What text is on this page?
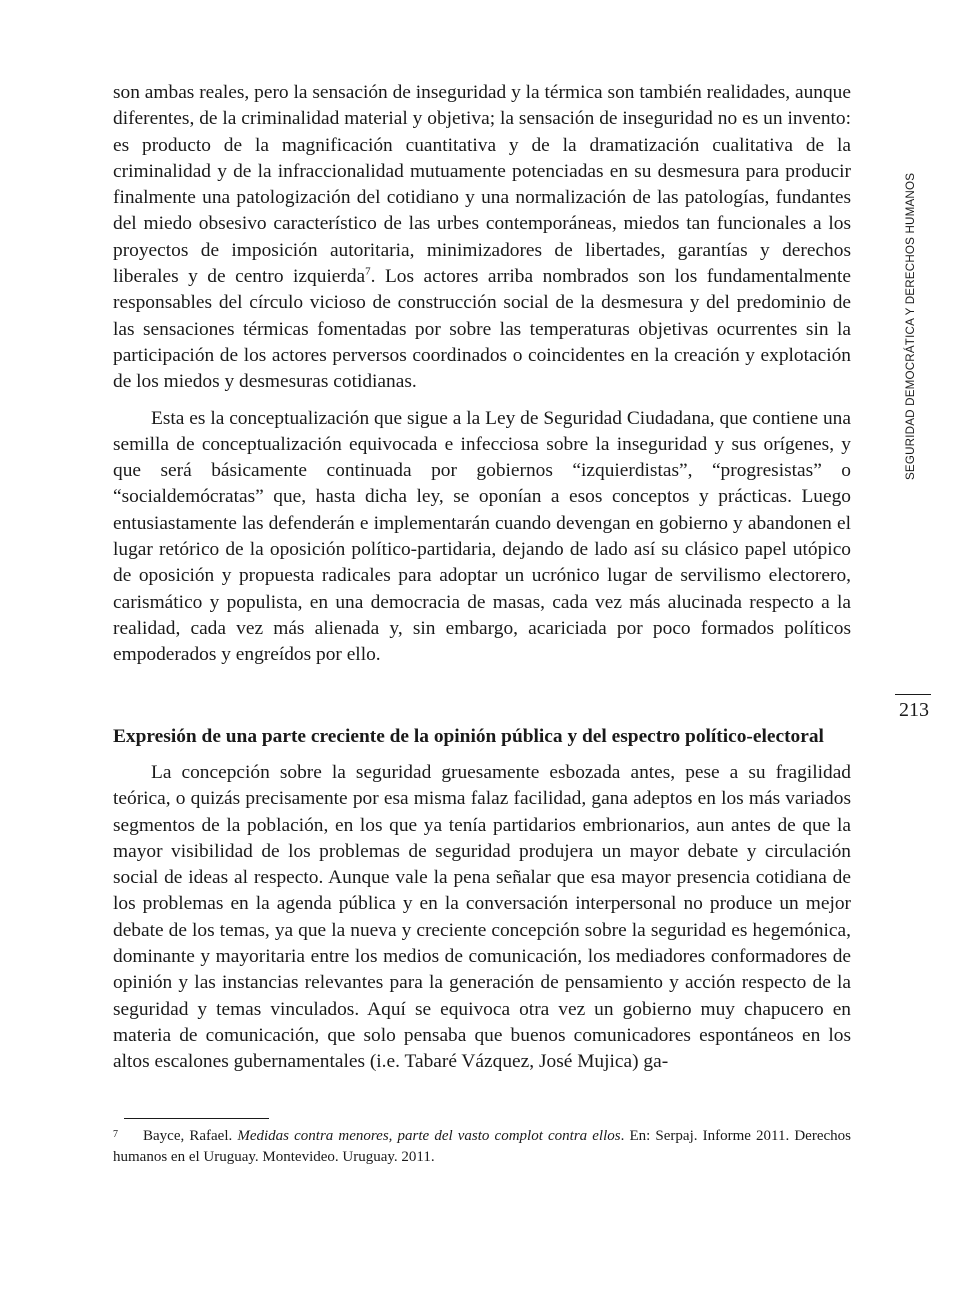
son ambas reales, pero la sensación de inseguridad y la térmica son también realidades, aunque diferentes, de la criminalidad material y objetiva; la sensación de inseguridad no es un invento: es producto de la magnificación cuantitativa y de la dramatización cualitativa de la criminalidad y de la infraccionalidad mutuamente potenciadas en su desmesura para producir finalmente una patologización del cotidiano y una normalización de las patologías, fundantes del miedo obsesivo característico de las urbes contemporáneas, miedos tan funcionales a los proyectos de imposición autoritaria, minimizadores de libertades, garantías y derechos liberales y de centro izquierda$^7$. Los actores arriba nombrados son los fundamentalmente responsables del círculo vicioso de construcción social de la desmesura y del predominio de las sensaciones térmicas fomentadas por sobre las temperaturas objetivas ocurrentes sin la participación de los actores perversos coordinados o coincidentes en la creación y explotación de los miedos y desmesuras cotidianas.

Esta es la conceptualización que sigue a la Ley de Seguridad Ciudadana, que contiene una semilla de conceptualización equivocada e infecciosa sobre la inseguridad y sus orígenes, y que será básicamente continuada por gobiernos “izquierdistas”, “progresistas” o “socialdemócratas” que, hasta dicha ley, se oponían a esos conceptos y prácticas. Luego entusiastamente las defenderán e implementarán cuando devengan en gobierno y abandonen el lugar retórico de la oposición político-partidaria, dejando de lado así su clásico papel utópico de oposición y propuesta radicales para adoptar un ucrónico lugar de servilismo electorero, carismático y populista, en una democracia de masas, cada vez más alucinada respecto a la realidad, cada vez más alienada y, sin embargo, acariciada por poco formados políticos empoderados y engreídos por ello.

Expresión de una parte creciente de la opinión pública y del espectro político-electoral

La concepción sobre la seguridad gruesamente esbozada antes, pese a su fragilidad teórica, o quizás precisamente por esa misma falaz facilidad, gana adeptos en los más variados segmentos de la población, en los que ya tenía partidarios embrionarios, aun antes de que la mayor visibilidad de los problemas de seguridad produjera un mayor debate y circulación social de ideas al respecto. Aunque vale la pena señalar que esa mayor presencia cotidiana de los problemas en la agenda pública y en la conversación interpersonal no produce un mejor debate de los temas, ya que la nueva y creciente concepción sobre la seguridad es hegemónica, dominante y mayoritaria entre los medios de comunicación, los mediadores conformadores de opinión y las instancias relevantes para la generación de pensamiento y acción respecto de la seguridad y temas vinculados. Aquí se equivoca otra vez un gobierno muy chapucero en materia de comunicación, que solo pensaba que buenos comunicadores espontáneos en los altos escalones gubernamentales (i.e. Tabaré Vázquez, José Mujica) ga-

SEGURIDAD DEMOCRÁTICA Y DERECHOS HUMANOS
213
7	Bayce, Rafael. Medidas contra menores, parte del vasto complot contra ellos. En: Serpaj. Informe 2011. Derechos humanos en el Uruguay. Montevideo. Uruguay. 2011.
